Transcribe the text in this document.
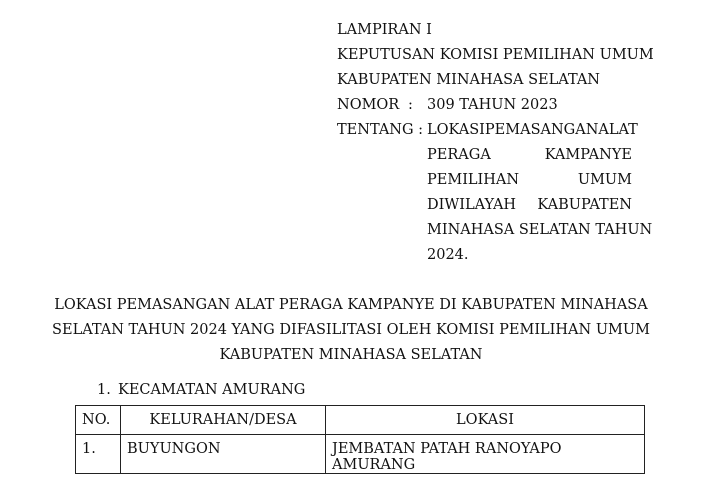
LAMPIRAN I
KEPUTUSAN KOMISI PEMILIHAN UMUM
KABUPATEN MINAHASA SELATAN
NOMOR : 309 TAHUN 2023
TENTANG : LOKASI PEMASANGAN ALAT
PERAGA	KAMPANYE
PEMILIHAN	UMUM
DIWILAYAH KABUPATEN
MINAHASA SELATAN TAHUN
2024.
LOKASI PEMASANGAN ALAT PERAGA KAMPANYE DI KABUPATEN MINAHASA
SELATAN TAHUN 2024 YANG DIFASILITASI OLEH KOMISI PEMILIHAN UMUM
KABUPATEN MINAHASA SELATAN
1. KECAMATAN AMURANG
NO.	KELURAHAN/DESA	LOKASI
1.	BUYUNGON	JEMBATAN PATAH RANOYAPO AMURANG
